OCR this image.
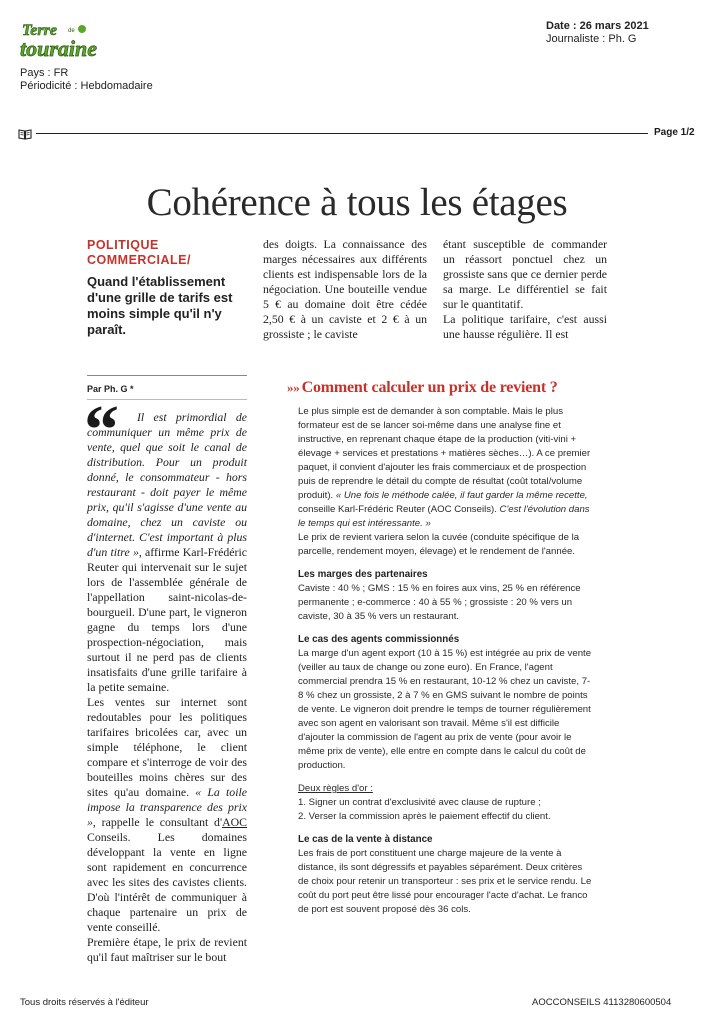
Terre de
touraine
Pays : FR
Périodicité : Hebdomadaire
Date : 26 mars 2021
Journaliste : Ph. G
Page 1/2
Cohérence à tous les étages
POLITIQUE
COMMERCIALE/
Quand l'établissement d'une grille de tarifs est moins simple qu'il n'y paraît.

des doigts. La connaissance des marges nécessaires aux différents clients est indispensable lors de la négociation. Une bouteille vendue 5 € au domaine doit être cédée 2,50 € à un caviste et 2 € à un grossiste ; le caviste

étant susceptible de commander un réassort ponctuel chez un grossiste sans que ce dernier perde sa marge. Le différentiel se fait sur le quantitatif.

La politique tarifaire, c'est aussi une hausse régulière. Il est

Par Ph. G *
“	Il est primordial de communiquer un même prix de vente, quel que soit le canal de distribution. Pour un produit donné, le consommateur - hors restaurant - doit payer le même prix, qu'il s'agisse d'une vente au domaine, chez un caviste ou d'internet. C'est important à plus d'un titre », affirme Karl-Frédéric Reuter qui intervenait sur le sujet lors de l'assemblée générale de l'appellation saint-nicolas-de-bourgueil. D'une part, le vigneron gagne du temps lors d'une prospection-négociation, mais surtout il ne perd pas de clients insatisfaits d'une grille tarifaire à la petite semaine.

Les ventes sur internet sont redoutables pour les politiques tarifaires bricolées car, avec un simple téléphone, le client compare et s'interroge de voir des bouteilles moins chères sur des sites qu'au domaine. « La toile impose la transparence des prix », rappelle le consultant d'AOC Conseils. Les domaines développant la vente en ligne sont rapidement en concurrence avec les sites des cavistes clients. D'où l'intérêt de communiquer à chaque partenaire un prix de vente conseillé.

Première étape, le prix de revient qu'il faut maîtriser sur le bout

»» Comment calculer un prix de revient ?

Le plus simple est de demander à son comptable. Mais le plus formateur est de se lancer soi-même dans une analyse fine et instructive, en reprenant chaque étape de la production (viti-vini + élevage + services et prestations + matières sèches…). A ce premier paquet, il convient d'ajouter les frais commerciaux et de prospection puis de reprendre le détail du compte de résultat (coût total/volume produit). « Une fois le méthode calée, il faut garder la même recette, conseille Karl-Frédéric Reuter (AOC Conseils). C'est l'évolution dans le temps qui est intéressante. »

Le prix de revient variera selon la cuvée (conduite spécifique de la parcelle, rendement moyen, élevage) et le rendement de l'année.

Les marges des partenaires

Caviste : 40 % ; GMS : 15 % en foires aux vins, 25 % en référence permanente ; e-commerce : 40 à 55 % ; grossiste : 20 % vers un caviste, 30 à 35 % vers un restaurant.

Le cas des agents commissionnés

La marge d'un agent export (10 à 15 %) est intégrée au prix de vente (veiller au taux de change ou zone euro). En France, l'agent commercial prendra 15 % en restaurant, 10-12 % chez un caviste, 7-8 % chez un grossiste, 2 à 7 % en GMS suivant le nombre de points de vente. Le vigneron doit prendre le temps de tourner régulièrement avec son agent en valorisant son travail. Même s'il est difficile d'ajouter la commission de l'agent au prix de vente (pour avoir le même prix de vente), elle entre en compte dans le calcul du coût de production.

Deux règles d'or :

1. Signer un contrat d'exclusivité avec clause de rupture ;

2. Verser la commission après le paiement effectif du client.

Le cas de la vente à distance

Les frais de port constituent une charge majeure de la vente à distance, ils sont dégressifs et payables séparément. Deux critères de choix pour retenir un transporteur : ses prix et le service rendu. Le coût du port peut être lissé pour encourager l'acte d'achat. Le franco de port est souvent proposé dès 36 cols.

Tous droits réservés à l'éditeur	AOCCONSEILS 4113280600504
